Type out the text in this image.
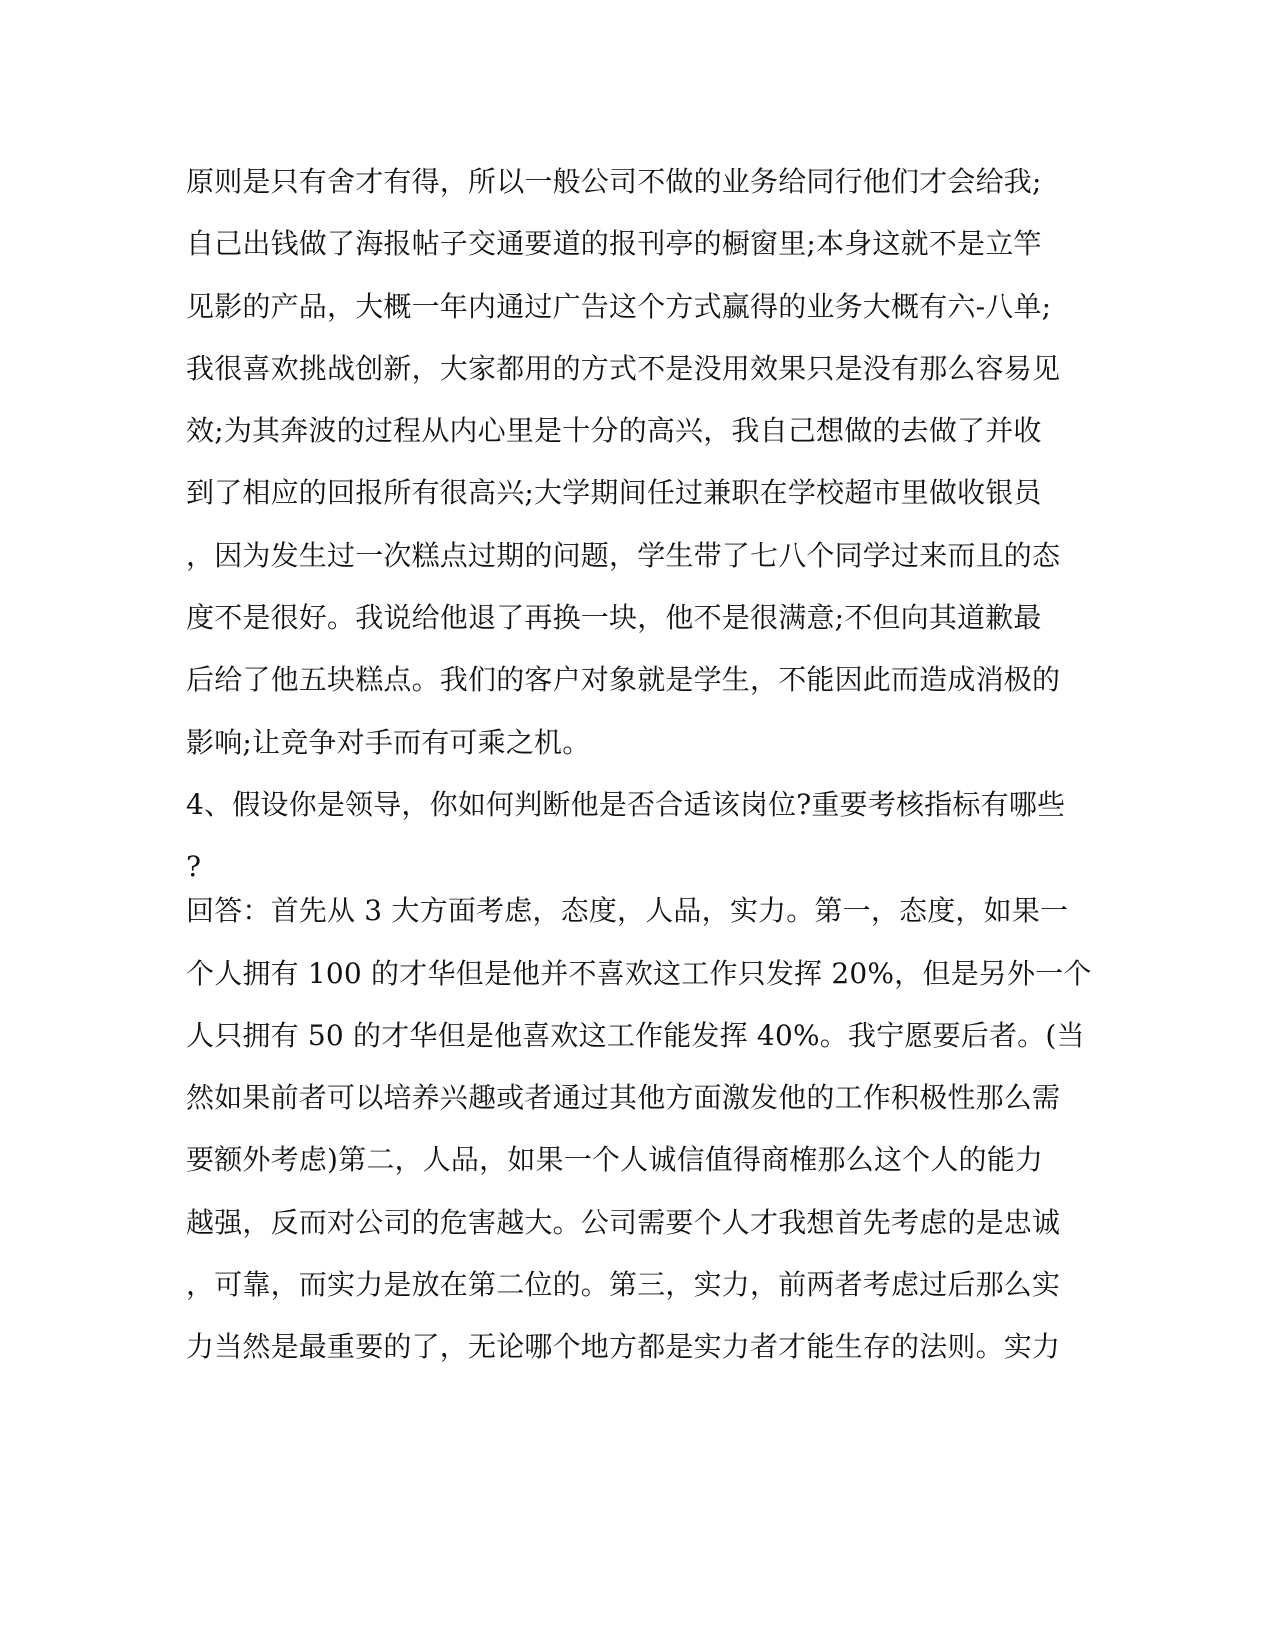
原则是只有舍才有得，所以一般公司不做的业务给同行他们才会给我;
自己出钱做了海报帖子交通要道的报刊亭的橱窗里;本身这就不是立竿
见影的产品，大概一年内通过广告这个方式赢得的业务大概有六-八单;
我很喜欢挑战创新，大家都用的方式不是没用效果只是没有那么容易见
效;为其奔波的过程从内心里是十分的高兴，我自己想做的去做了并收
到了相应的回报所有很高兴;大学期间任过兼职在学校超市里做收银员
，因为发生过一次糕点过期的问题，学生带了七八个同学过来而且的态
度不是很好。我说给他退了再换一块，他不是很满意;不但向其道歉最
后给了他五块糕点。我们的客户对象就是学生，不能因此而造成消极的
影响;让竞争对手而有可乘之机。
4、假设你是领导，你如何判断他是否合适该岗位?重要考核指标有哪些
?
回答：首先从 3 大方面考虑，态度，人品，实力。第一，态度，如果一
个人拥有 100 的才华但是他并不喜欢这工作只发挥 20%，但是另外一个
人只拥有 50 的才华但是他喜欢这工作能发挥 40%。我宁愿要后者。(当
然如果前者可以培养兴趣或者通过其他方面激发他的工作积极性那么需
要额外考虑)第二，人品，如果一个人诚信值得商榷那么这个人的能力
越强，反而对公司的危害越大。公司需要个人才我想首先考虑的是忠诚
，可靠，而实力是放在第二位的。第三，实力，前两者考虑过后那么实
力当然是最重要的了，无论哪个地方都是实力者才能生存的法则。实力
